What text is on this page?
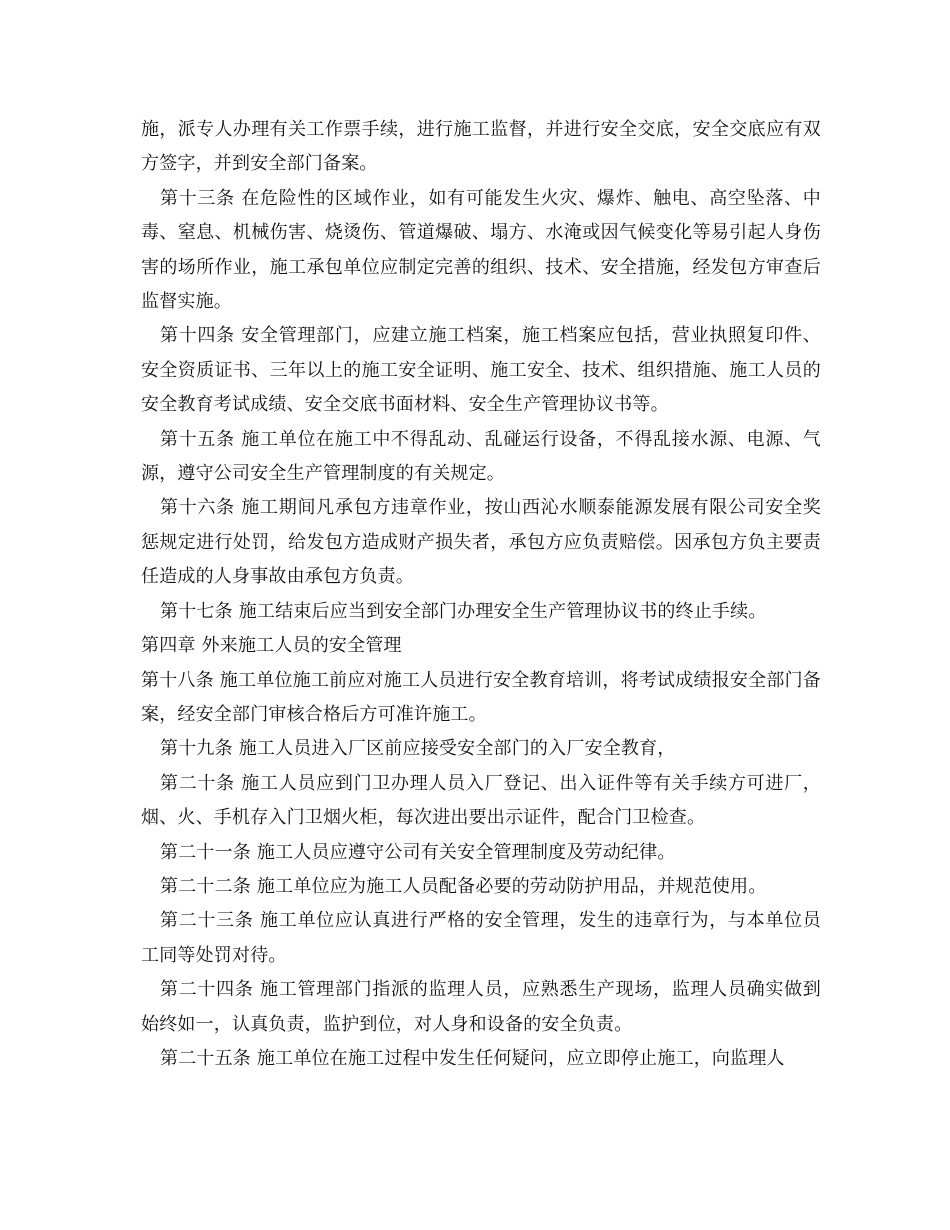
施，派专人办理有关工作票手续，进行施工监督，并进行安全交底，安全交底应有双方签字，并到安全部门备案。

第十三条 在危险性的区域作业，如有可能发生火灾、爆炸、触电、高空坠落、中毒、窒息、机械伤害、烧烫伤、管道爆破、塌方、水淹或因气候变化等易引起人身伤害的场所作业，施工承包单位应制定完善的组织、技术、安全措施，经发包方审查后监督实施。

第十四条 安全管理部门，应建立施工档案，施工档案应包括，营业执照复印件、安全资质证书、三年以上的施工安全证明、施工安全、技术、组织措施、施工人员的安全教育考试成绩、安全交底书面材料、安全生产管理协议书等。

第十五条 施工单位在施工中不得乱动、乱碰运行设备，不得乱接水源、电源、气源，遵守公司安全生产管理制度的有关规定。

第十六条 施工期间凡承包方违章作业，按山西沁水顺泰能源发展有限公司安全奖惩规定进行处罚，给发包方造成财产损失者，承包方应负责赔偿。因承包方负主要责任造成的人身事故由承包方负责。

第十七条 施工结束后应当到安全部门办理安全生产管理协议书的终止手续。

第四章 外来施工人员的安全管理

第十八条 施工单位施工前应对施工人员进行安全教育培训，将考试成绩报安全部门备案，经安全部门审核合格后方可准许施工。

第十九条 施工人员进入厂区前应接受安全部门的入厂安全教育，

第二十条 施工人员应到门卫办理人员入厂登记、出入证件等有关手续方可进厂，烟、火、手机存入门卫烟火柜，每次进出要出示证件，配合门卫检查。

第二十一条 施工人员应遵守公司有关安全管理制度及劳动纪律。

第二十二条 施工单位应为施工人员配备必要的劳动防护用品，并规范使用。

第二十三条 施工单位应认真进行严格的安全管理，发生的违章行为，与本单位员工同等处罚对待。

第二十四条 施工管理部门指派的监理人员，应熟悉生产现场，监理人员确实做到始终如一，认真负责，监护到位，对人身和设备的安全负责。

第二十五条 施工单位在施工过程中发生任何疑问，应立即停止施工，向监理人
